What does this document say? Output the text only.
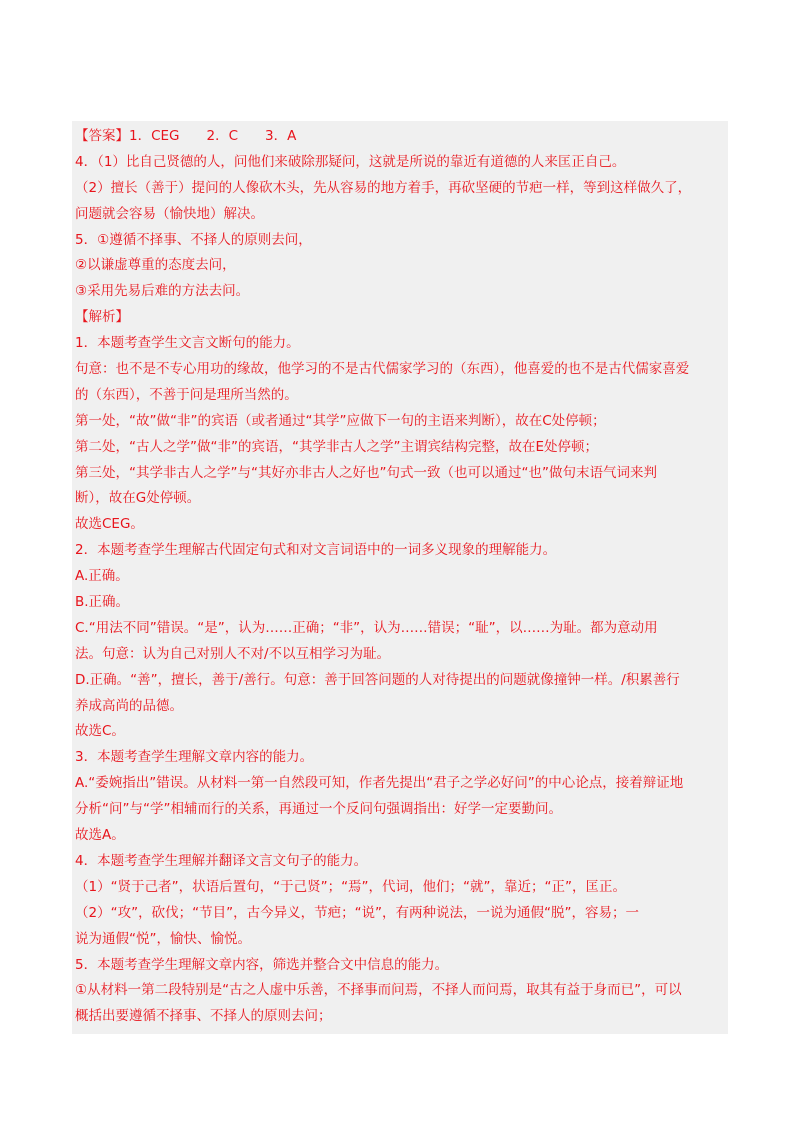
【答案】1．CEG　　2．C　　3．A
4．（1）比自己贤德的人，问他们来破除那疑问，这就是所说的靠近有道德的人来匡正自己。
（2）擅长（善于）提问的人像砍木头，先从容易的地方着手，再砍坚硬的节疤一样，等到这样做久了，
问题就会容易（愉快地）解决。
5．①遵循不择事、不择人的原则去问，
②以谦虚尊重的态度去问，
③采用先易后难的方法去问。
【解析】
1．本题考查学生文言文断句的能力。
句意：也不是不专心用功的缘故，他学习的不是古代儒家学习的（东西），他喜爱的也不是古代儒家喜爱
的（东西），不善于问是理所当然的。
第一处，“故”做“非”的宾语（或者通过“其学”应做下一句的主语来判断），故在C处停顿；
第二处，“古人之学”做“非”的宾语，“其学非古人之学”主谓宾结构完整，故在E处停顿；
第三处，“其学非古人之学”与“其好亦非古人之好也”句式一致（也可以通过“也”做句末语气词来判
断），故在G处停顿。
故选CEG。
2．本题考查学生理解古代固定句式和对文言词语中的一词多义现象的理解能力。
A.正确。
B.正确。
C.“用法不同”错误。“是”，认为……正确；“非”，认为……错误；“耻”，以……为耻。都为意动用
法。句意：认为自己对别人不对/不以互相学习为耻。
D.正确。“善”，擅长，善于/善行。句意：善于回答问题的人对待提出的问题就像撞钟一样。/积累善行
养成高尚的品德。
故选C。
3．本题考查学生理解文章内容的能力。
A.“委婉指出”错误。从材料一第一自然段可知，作者先提出“君子之学必好问”的中心论点，接着辩证地
分析“问”与“学”相辅而行的关系，再通过一个反问句强调指出：好学一定要勤问。
故选A。
4．本题考查学生理解并翻译文言文句子的能力。
（1）“贤于己者”，状语后置句，“于己贤”；“焉”，代词，他们；“就”，靠近；“正”，匡正。
（2）“攻”，砍伐；“节目”，古今异义，节疤；“说”，有两种说法，一说为通假“脱”，容易；一
说为通假“悦”，愉快、愉悦。
5．本题考查学生理解文章内容，筛选并整合文中信息的能力。
①从材料一第二段特别是“古之人虚中乐善，不择事而问焉，不择人而问焉，取其有益于身而已”，可以
概括出要遵循不择事、不择人的原则去问；
